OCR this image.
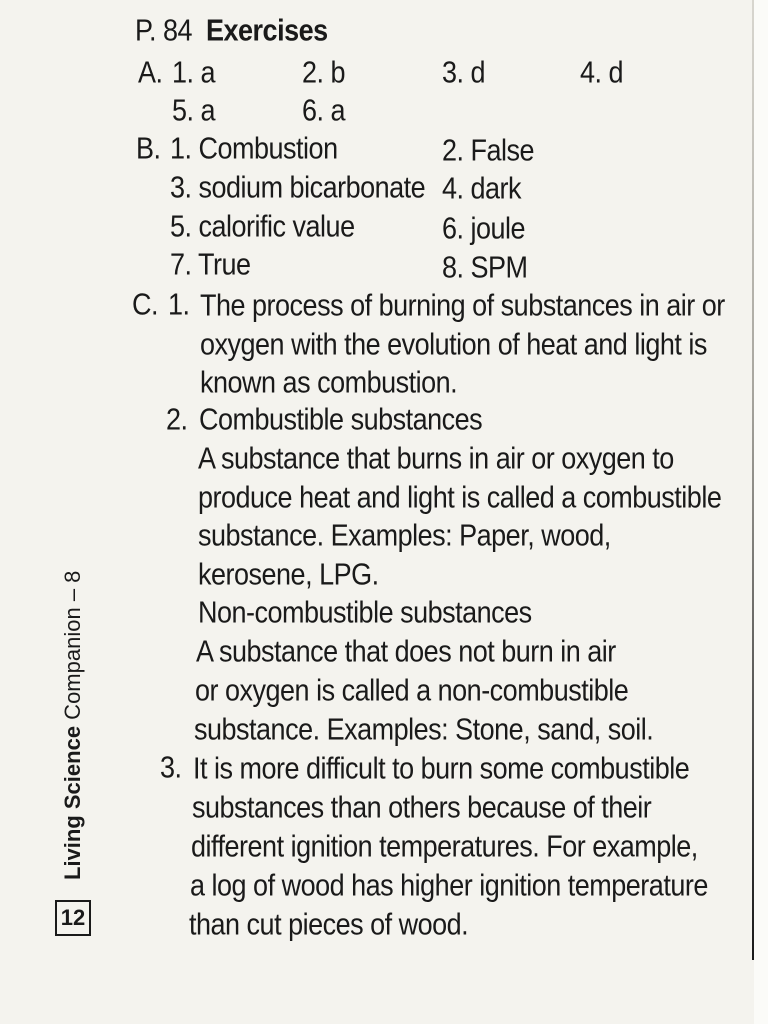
P. 84 Exercises
A. 1. a	2. b	3. d	4. d
5. a	6. a
B. 1. Combustion	2. False
3. sodium bicarbonate 4. dark
5. calorific value	6. joule
7. True	8. SPM
C. 1. The process of burning of substances in air or
oxygen with the evolution of heat and light is
known as combustion.
2. Combustible substances
A substance that burns in air or oxygen to
produce heat and light is called a combustible
substance. Examples: Paper, wood,
kerosene, LPG.
Non-combustible substances
A substance that does not burn in air
or oxygen is called a non-combustible
substance. Examples: Stone, sand, soil.
3. It is more difficult to burn some combustible
substances than others because of their
different ignition temperatures. For example,
a log of wood has higher ignition temperature
than cut pieces of wood.
Living Science Companion – 8
12
